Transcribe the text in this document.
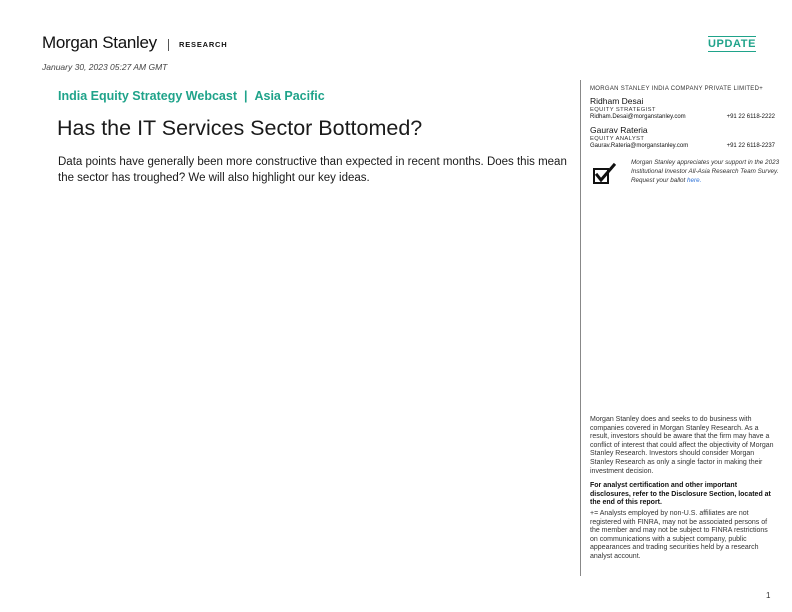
Morgan Stanley	RESEARCH	UPDATE
January 30, 2023 05:27 AM GMT
India Equity Strategy Webcast | Asia Pacific
Has the IT Services Sector Bottomed?
Data points have generally been more constructive than expected in recent months. Does this mean the sector has troughed? We will also highlight our key ideas.
MORGAN STANLEY INDIA COMPANY PRIVATE LIMITED+
Ridham Desai
EQUITY STRATEGIST
Ridham.Desai@morganstanley.com	+91 22 6118-2222
Gaurav Rateria
EQUITY ANALYST
Gaurav.Rateria@morganstanley.com	+91 22 6118-2237
Morgan Stanley appreciates your support in the 2023 Institutional Investor All-Asia Research Team Survey. Request your ballot here.
Morgan Stanley does and seeks to do business with companies covered in Morgan Stanley Research. As a result, investors should be aware that the firm may have a conflict of interest that could affect the objectivity of Morgan Stanley Research. Investors should consider Morgan Stanley Research as only a single factor in making their investment decision.
For analyst certification and other important disclosures, refer to the Disclosure Section, located at the end of this report.
+= Analysts employed by non-U.S. affiliates are not registered with FINRA, may not be associated persons of the member and may not be subject to FINRA restrictions on communications with a subject company, public appearances and trading securities held by a research analyst account.
1
